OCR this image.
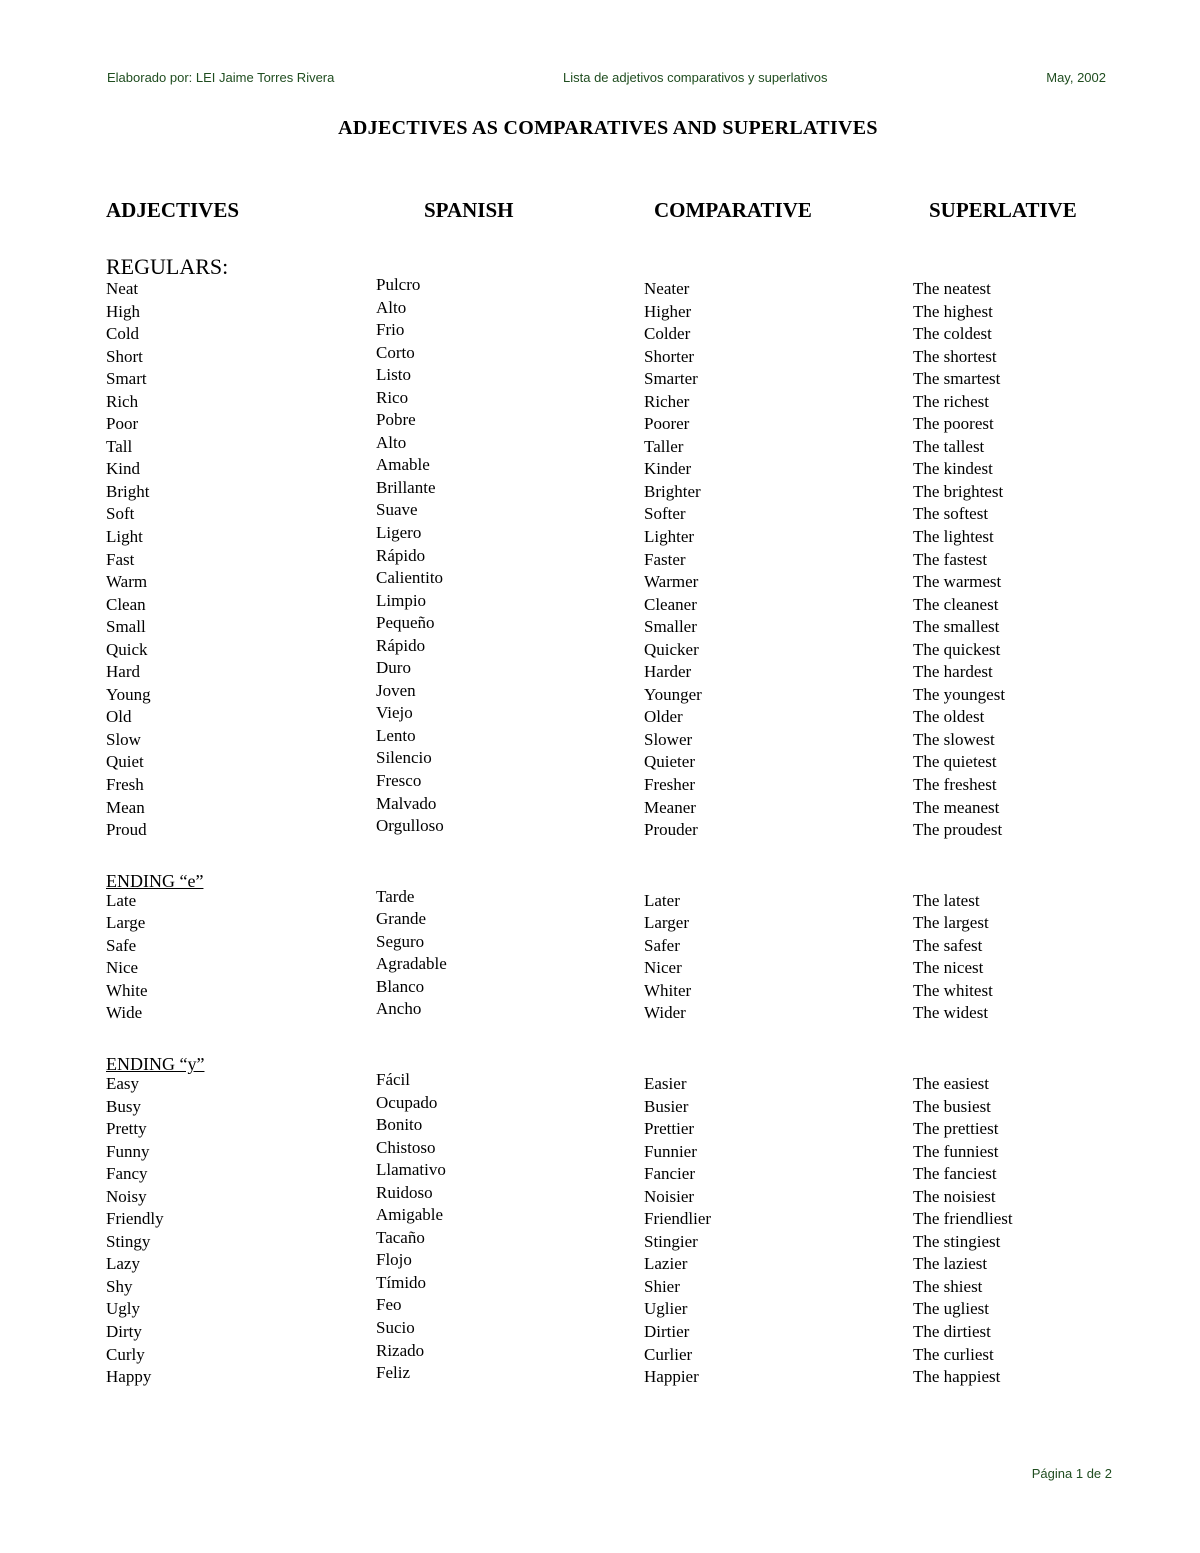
Elaborado por: LEI Jaime Torres Rivera	Lista de adjetivos comparativos y superlativos	May, 2002
ADJECTIVES AS COMPARATIVES AND SUPERLATIVES
ADJECTIVES	SPANISH	COMPARATIVE	SUPERLATIVE
REGULARS:
Neat	Pulcro	Neater	The neatest
High	Alto	Higher	The highest
Cold	Frio	Colder	The coldest
Short	Corto	Shorter	The shortest
Smart	Listo	Smarter	The smartest
Rich	Rico	Richer	The richest
Poor	Pobre	Poorer	The poorest
Tall	Alto	Taller	The tallest
Kind	Amable	Kinder	The kindest
Bright	Brillante	Brighter	The brightest
Soft	Suave	Softer	The softest
Light	Ligero	Lighter	The lightest
Fast	Rápido	Faster	The fastest
Warm	Calientito	Warmer	The warmest
Clean	Limpio	Cleaner	The cleanest
Small	Pequeño	Smaller	The smallest
Quick	Rápido	Quicker	The quickest
Hard	Duro	Harder	The hardest
Young	Joven	Younger	The youngest
Old	Viejo	Older	The oldest
Slow	Lento	Slower	The slowest
Quiet	Silencio	Quieter	The quietest
Fresh	Fresco	Fresher	The freshest
Mean	Malvado	Meaner	The meanest
Proud	Orgulloso	Prouder	The proudest
ENDING “e”
Late	Tarde	Later	The latest
Large	Grande	Larger	The largest
Safe	Seguro	Safer	The safest
Nice	Agradable	Nicer	The nicest
White	Blanco	Whiter	The whitest
Wide	Ancho	Wider	The widest
ENDING “y”
Easy	Fácil	Easier	The easiest
Busy	Ocupado	Busier	The busiest
Pretty	Bonito	Prettier	The prettiest
Funny	Chistoso	Funnier	The funniest
Fancy	Llamativo	Fancier	The fanciest
Noisy	Ruidoso	Noisier	The noisiest
Friendly	Amigable	Friendlier	The friendliest
Stingy	Tacaño	Stingier	The stingiest
Lazy	Flojo	Lazier	The laziest
Shy	Tímido	Shier	The shiest
Ugly	Feo	Uglier	The ugliest
Dirty	Sucio	Dirtier	The dirtiest
Curly	Rizado	Curlier	The curliest
Happy	Feliz	Happier	The happiest
Página 1 de 2
